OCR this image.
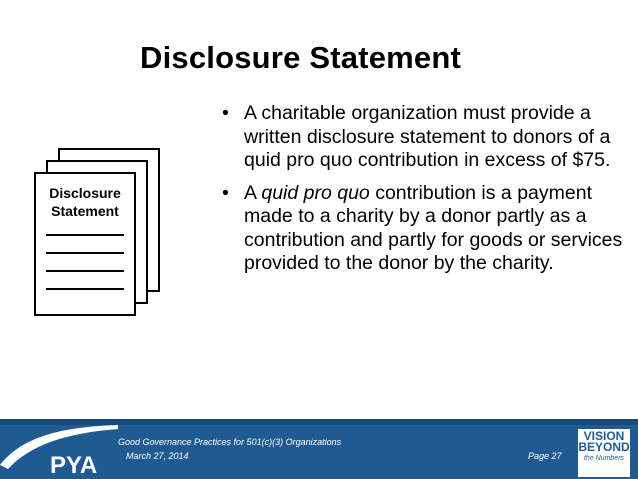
Disclosure Statement
Disclosure
Statement
• A charitable organization must provide a written disclosure statement to donors of a quid pro quo contribution in excess of $75.
• A quid pro quo contribution is a payment made to a charity by a donor partly as a contribution and partly for goods or services provided to the donor by the charity.
PYA
Good Governance Practices for 501(c)(3) Organizations
March 27, 2014	Page 27
VISION
BEYOND
the Numbers
